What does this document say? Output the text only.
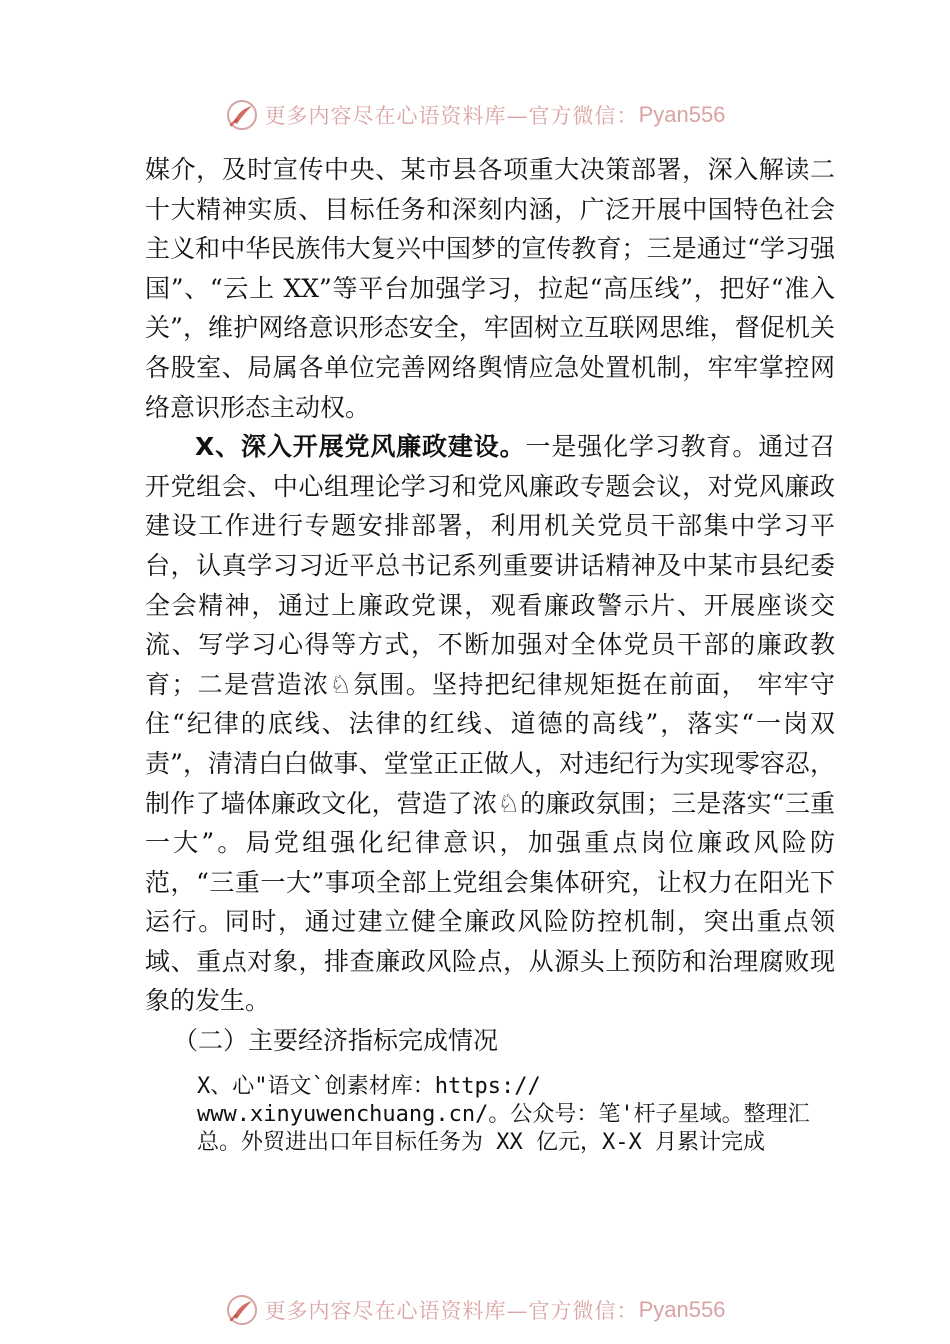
更多内容尽在心语资料库—官方微信： Pyan556

媒介，及时宣传中央、某市县各项重大决策部署，深入解读二十大精神实质、目标任务和深刻内涵，广泛开展中国特色社会主义和中华民族伟大复兴中国梦的宣传教育；三是通过“学习强国”、“云上 XX”等平台加强学习，拉起“高压线”，把好“准入关”，维护网络意识形态安全，牢固树立互联网思维，督促机关各股室、局属各单位完善网络舆情应急处置机制，牢牢掌控网络意识形态主动权。

X、深入开展党风廉政建设。一是强化学习教育。通过召开党组会、中心组理论学习和党风廉政专题会议，对党风廉政建设工作进行专题安排部署，利用机关党员干部集中学习平台，认真学习习近平总书记系列重要讲话精神及中某市县纪委全会精神，通过上廉政党课，观看廉政警示片、开展座谈交流、写学习心得等方式，不断加强对全体党员干部的廉政教育；二是营造浓♘氛围。坚持把纪律规矩挺在前面， 牢牢守住“纪律的底线、法律的红线、道德的高线”，落实“一岗双责”，清清白白做事、堂堂正正做人，对违纪行为实现零容忍，制作了墙体廉政文化，营造了浓♘的廉政氛围；三是落实“三重一大”。局党组强化纪律意识，加强重点岗位廉政风险防范，“三重一大”事项全部上党组会集体研究，让权力在阳光下运行。同时，通过建立健全廉政风险防控机制，突出重点领域、重点对象，排查廉政风险点，从源头上预防和治理腐败现象的发生。

（二）主要经济指标完成情况

X、心"语文`创素材库：https://

www.xinyuwenchuang.cn/。公众号：笔'杆子星域。整理汇总。外贸进出口年目标任务为 XX 亿元，X-X 月累计完成

更多内容尽在心语资料库—官方微信： Pyan556
